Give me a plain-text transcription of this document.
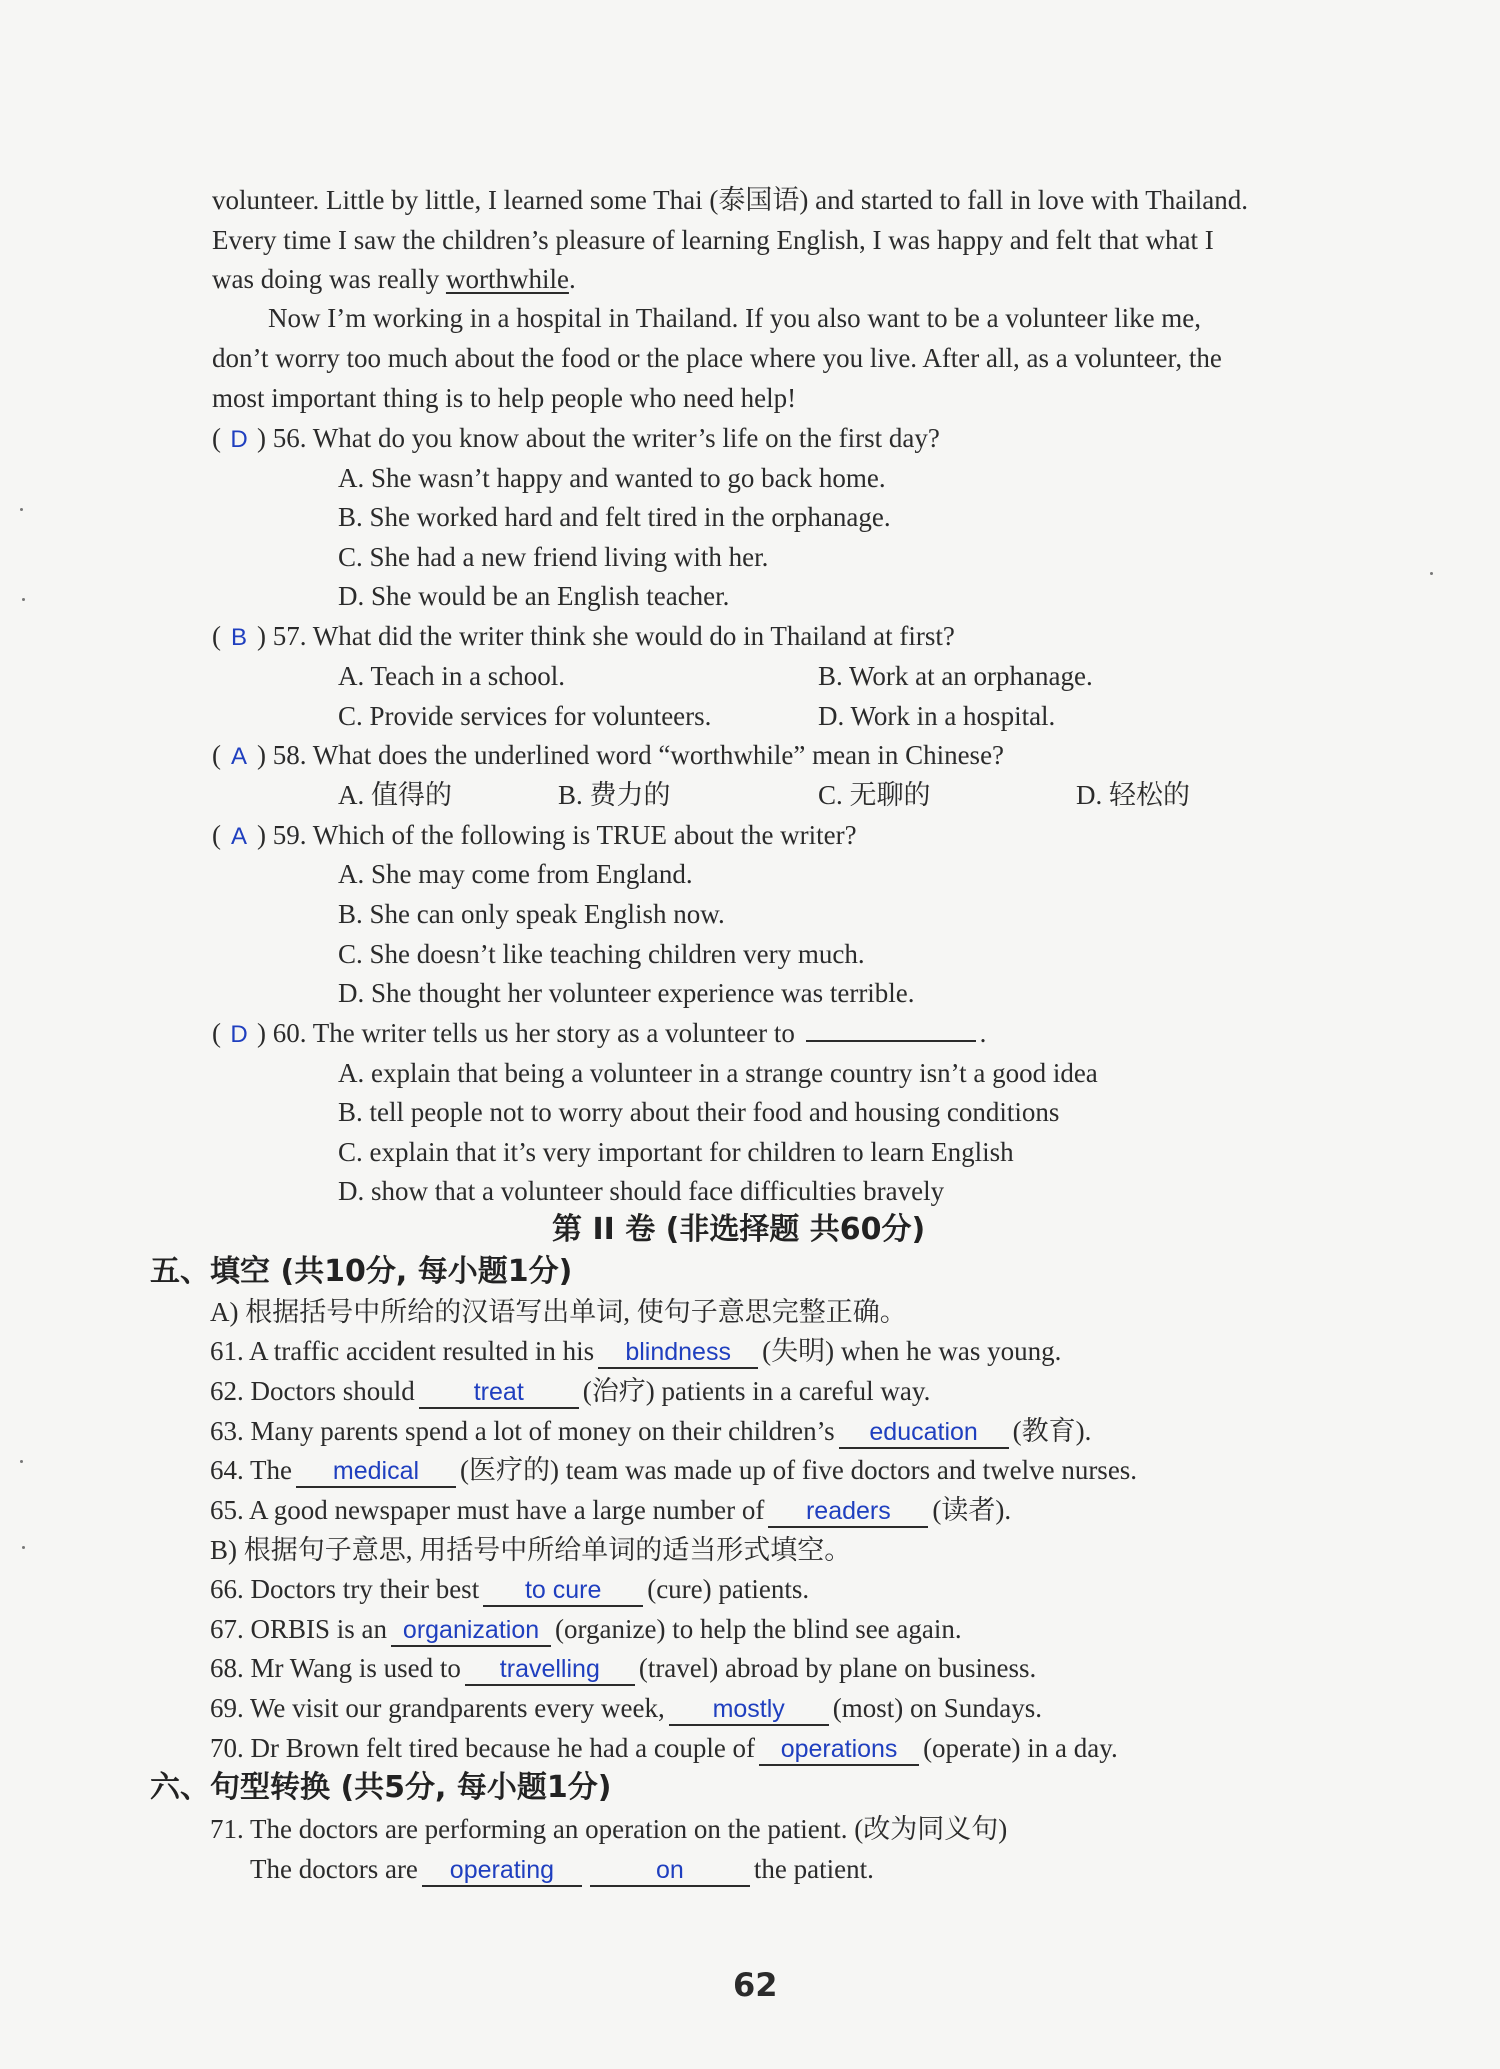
volunteer. Little by little, I learned some Thai (泰国语) and started to fall in love with Thailand.
Every time I saw the children’s pleasure of learning English, I was happy and felt that what I
was doing was really worthwhile.
Now I’m working in a hospital in Thailand. If you also want to be a volunteer like me,
don’t worry too much about the food or the place where you live. After all, as a volunteer, the
most important thing is to help people who need help!
( D ) 56. What do you know about the writer’s life on the first day?
A. She wasn’t happy and wanted to go back home.
B. She worked hard and felt tired in the orphanage.
C. She had a new friend living with her.
D. She would be an English teacher.
( B ) 57. What did the writer think she would do in Thailand at first?
A. Teach in a school.	B. Work at an orphanage.
C. Provide services for volunteers.	D. Work in a hospital.
( A ) 58. What does the underlined word “worthwhile” mean in Chinese?
A. 值得的	B. 费力的	C. 无聊的	D. 轻松的
( A ) 59. Which of the following is TRUE about the writer?
A. She may come from England.
B. She can only speak English now.
C. She doesn’t like teaching children very much.
D. She thought her volunteer experience was terrible.
( D ) 60. The writer tells us her story as a volunteer to	.
A. explain that being a volunteer in a strange country isn’t a good idea
B. tell people not to worry about their food and housing conditions
C. explain that it’s very important for children to learn English
D. show that a volunteer should face difficulties bravely
第 II 卷 (非选择题 共60分)
五、填空 (共10分, 每小题1分)
A) 根据括号中所给的汉语写出单词, 使句子意思完整正确。
61. A traffic accident resulted in his blindness (失明) when he was young.
62. Doctors should treat (治疗) patients in a careful way.
63. Many parents spend a lot of money on their children’s education (教育).
64. The medical (医疗的) team was made up of five doctors and twelve nurses.
65. A good newspaper must have a large number of readers (读者).
B) 根据句子意思, 用括号中所给单词的适当形式填空。
66. Doctors try their best to cure (cure) patients.
67. ORBIS is an organization (organize) to help the blind see again.
68. Mr Wang is used to travelling (travel) abroad by plane on business.
69. We visit our grandparents every week, mostly (most) on Sundays.
70. Dr Brown felt tired because he had a couple of operations (operate) in a day.
六、句型转换 (共5分, 每小题1分)
71. The doctors are performing an operation on the patient. (改为同义句)
The doctors are operating	on	the patient.
62
